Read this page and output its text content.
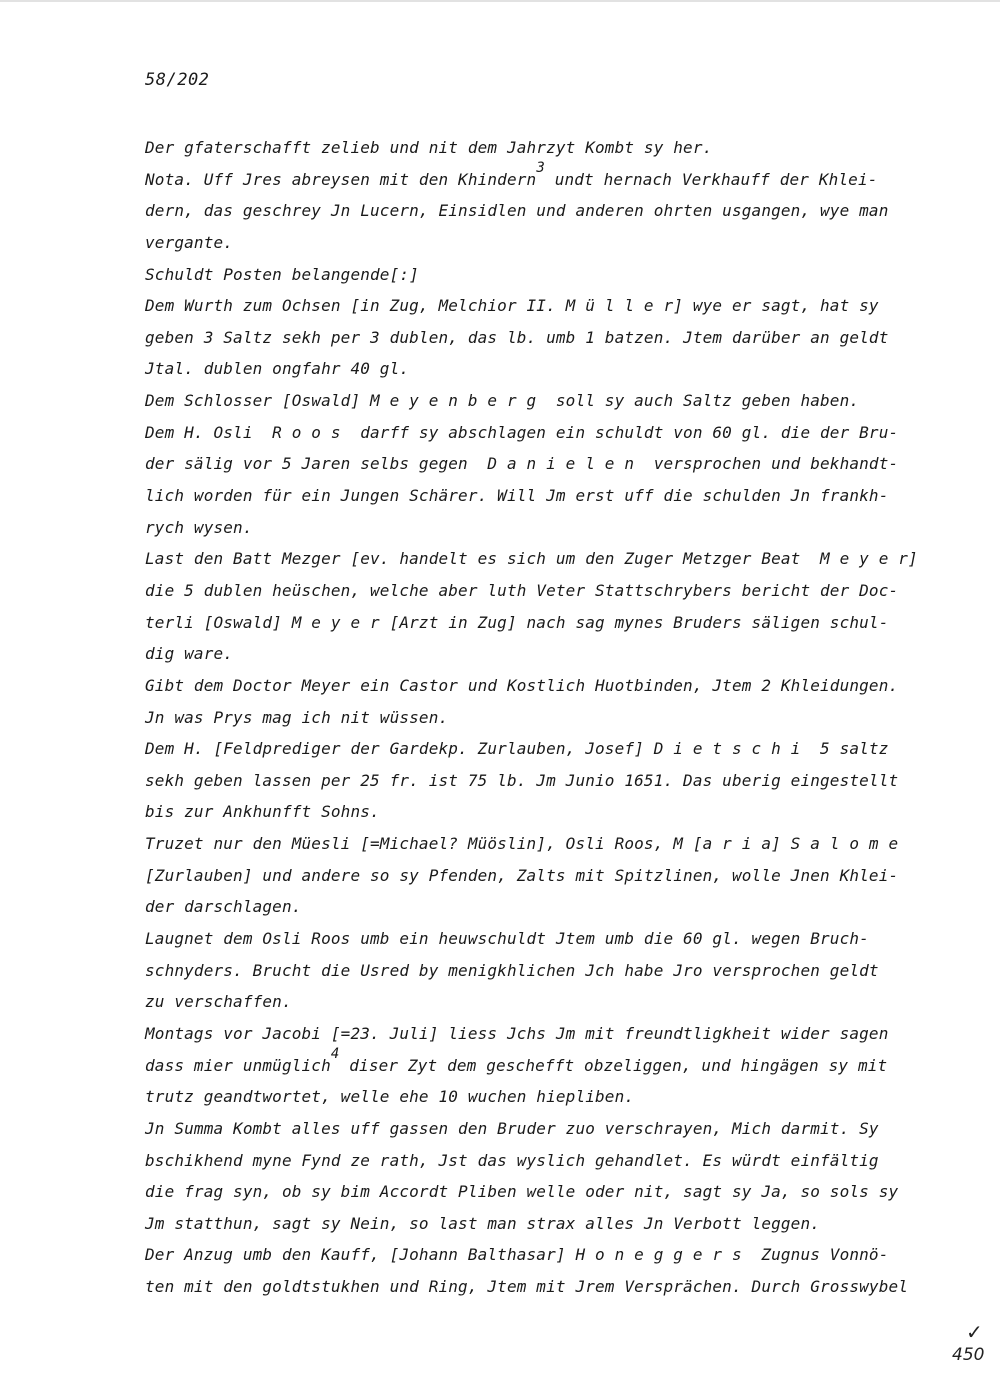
58/202
Der gfaterschafft zelieb und nit dem Jahrzyt Kombt sy her.
Nota. Uff Jres abreysen mit den Khindern3 undt hernach Verkhauff der Khlei-
dern, das geschrey Jn Lucern, Einsidlen und anderen ohrten usgangen, wye man
vergante.
Schuldt Posten belangende[:]
Dem Wurth zum Ochsen [in Zug, Melchior II. M ü l l e r] wye er sagt, hat sy
geben 3 Saltz sekh per 3 dublen, das lb. umb 1 batzen. Jtem darüber an geldt
Jtal. dublen ongfahr 40 gl.
Dem Schlosser [Oswald] M e y e n b e r g  soll sy auch Saltz geben haben.
Dem H. Osli  R o o s  darff sy abschlagen ein schuldt von 60 gl. die der Bru-
der sälig vor 5 Jaren selbs gegen  D a n i e l e n  versprochen und bekhandt-
lich worden für ein Jungen Schärer. Will Jm erst uff die schulden Jn frankh-
rych wysen.
Last den Batt Mezger [ev. handelt es sich um den Zuger Metzger Beat  M e y e r]
die 5 dublen heüschen, welche aber luth Veter Stattschrybers bericht der Doc-
terli [Oswald] M e y e r [Arzt in Zug] nach sag mynes Bruders säligen schul-
dig ware.
Gibt dem Doctor Meyer ein Castor und Kostlich Huotbinden, Jtem 2 Khleidungen.
Jn was Prys mag ich nit wüssen.
Dem H. [Feldprediger der Gardekp. Zurlauben, Josef] D i e t s c h i  5 saltz
sekh geben lassen per 25 fr. ist 75 lb. Jm Junio 1651. Das uberig eingestellt
bis zur Ankhunfft Sohns.
Truzet nur den Müesli [=Michael? Müöslin], Osli Roos, M [a r i a] S a l o m e
[Zurlauben] und andere so sy Pfenden, Zalts mit Spitzlinen, wolle Jnen Khlei-
der darschlagen.
Laugnet dem Osli Roos umb ein heuwschuldt Jtem umb die 60 gl. wegen Bruch-
schnyders. Brucht die Usred by menigkhlichen Jch habe Jro versprochen geldt
zu verschaffen.
Montags vor Jacobi [=23. Juli] liess Jchs Jm mit freundtligkheit wider sagen
dass mier unmüglich4 diser Zyt dem geschefft obzeliggen, und hingägen sy mit
trutz geandtwortet, welle ehe 10 wuchen hiepliben.
Jn Summa Kombt alles uff gassen den Bruder zuo verschrayen, Mich darmit. Sy
bschikhend myne Fynd ze rath, Jst das wyslich gehandlet. Es würdt einfältig
die frag syn, ob sy bim Accordt Pliben welle oder nit, sagt sy Ja, so sols sy
Jm statthun, sagt sy Nein, so last man strax alles Jn Verbott leggen.
Der Anzug umb den Kauff, [Johann Balthasar] H o n e g g e r s  Zugnus Vonnö-
ten mit den goldtstukhen und Ring, Jtem mit Jrem Versprächen. Durch Grosswybel
✓
450
